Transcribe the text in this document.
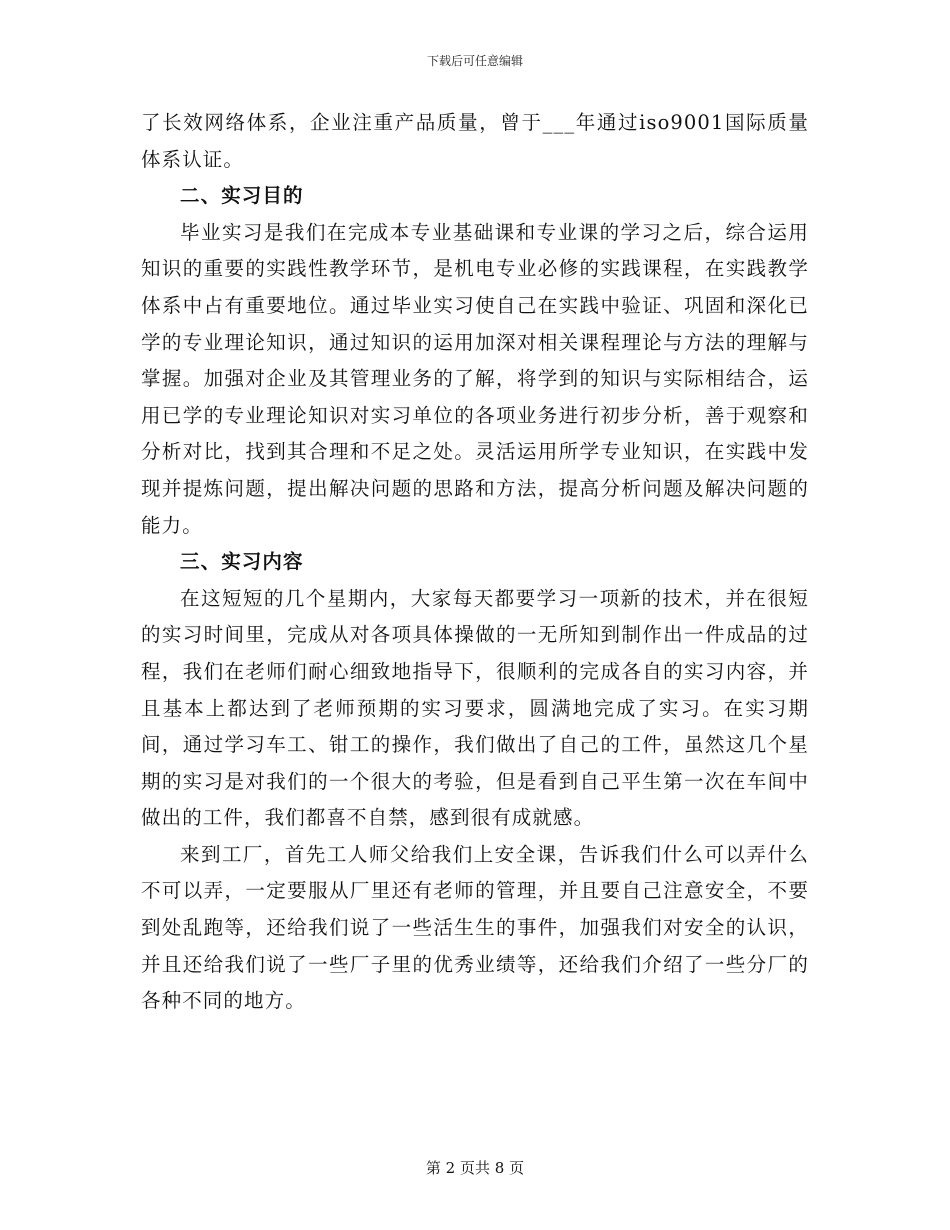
下载后可任意编辑

了长效网络体系，企业注重产品质量，曾于___年通过iso9001国际质量体系认证。

二、实习目的

毕业实习是我们在完成本专业基础课和专业课的学习之后，综合运用知识的重要的实践性教学环节，是机电专业必修的实践课程，在实践教学体系中占有重要地位。通过毕业实习使自己在实践中验证、巩固和深化已学的专业理论知识，通过知识的运用加深对相关课程理论与方法的理解与掌握。加强对企业及其管理业务的了解，将学到的知识与实际相结合，运用已学的专业理论知识对实习单位的各项业务进行初步分析，善于观察和分析对比，找到其合理和不足之处。灵活运用所学专业知识，在实践中发现并提炼问题，提出解决问题的思路和方法，提高分析问题及解决问题的能力。

三、实习内容

在这短短的几个星期内，大家每天都要学习一项新的技术，并在很短的实习时间里，完成从对各项具体操做的一无所知到制作出一件成品的过程，我们在老师们耐心细致地指导下，很顺利的完成各自的实习内容，并且基本上都达到了老师预期的实习要求，圆满地完成了实习。在实习期间，通过学习车工、钳工的操作，我们做出了自己的工件，虽然这几个星期的实习是对我们的一个很大的考验，但是看到自己平生第一次在车间中做出的工件，我们都喜不自禁，感到很有成就感。

来到工厂，首先工人师父给我们上安全课，告诉我们什么可以弄什么不可以弄，一定要服从厂里还有老师的管理，并且要自己注意安全，不要到处乱跑等，还给我们说了一些活生生的事件，加强我们对安全的认识，并且还给我们说了一些厂子里的优秀业绩等，还给我们介绍了一些分厂的各种不同的地方。

第 2 页共 8 页
